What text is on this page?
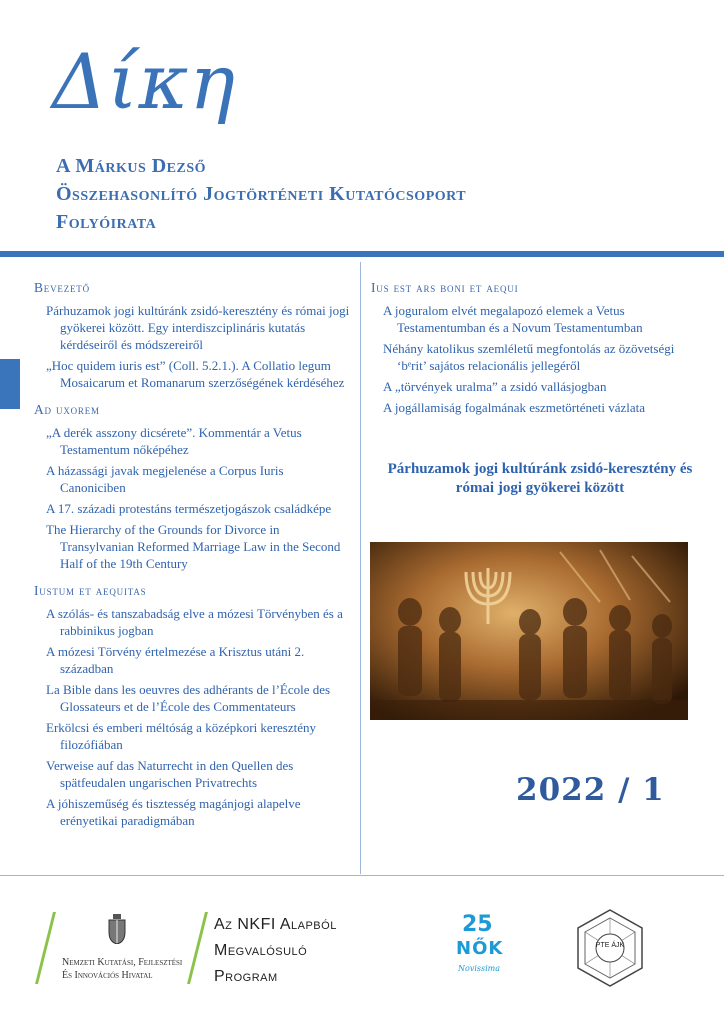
Δίκη
A Márkus Dezső
Összehasonlító Jogtörténeti Kutatócsoport
Folyóirata
Bevezető
Párhuzamok jogi kultúránk zsidó-keresztény és római jogi gyökerei között. Egy interdiszciplináris kutatás kérdéseiről és módszereiről
„Hoc quidem iuris est” (Coll. 5.2.1.). A Collatio legum Mosaicarum et Romanarum szerzőségének kérdéséhez
Ad uxorem
„A derék asszony dicsérete”. Kommentár a Vetus Testamentum nőképéhez
A házassági javak megjelenése a Corpus Iuris Canoniciben
A 17. századi protestáns természetjogászok családképe
The Hierarchy of the Grounds for Divorce in Transylvanian Reformed Marriage Law in the Second Half of the 19th Century
Iustum et aequitas
A szólás- és tanszabadság elve a mózesi Törvényben és a rabbinikus jogban
A mózesi Törvény értelmezése a Krisztus utáni 2. században
La Bible dans les oeuvres des adhérants de l’École des Glossateurs et de l’École des Commentateurs
Erkölcsi és emberi méltóság a középkori keresztény filozófiában
Verweise auf das Naturrecht in den Quellen des spätfeudalen ungarischen Privatrechts
A jóhiszeműség és tisztesség magánjogi alapelve erényetikai paradigmában
Ius est ars boni et aequi
A joguralom elvét megalapozó elemek a Vetus Testamentumban és a Novum Testamentumban
Néhány katolikus szemléletű megfontolás az özövetségi ‘bᵉrit’ sajátos relacionális jellegéről
A „törvények uralma” a zsidó vallásjogban
A jogállamiság fogalmának eszmetörténeti vázlata
Párhuzamok jogi kultúránk zsidó-keresztény és római jogi gyökerei között
2022 / 1
Nemzeti Kutatási, Fejlesztési
És Innovációs Hivatal
Az NKFI Alapból
Megvalósuló
Program
25
NŐK
Novissima
PTE ÁJK
